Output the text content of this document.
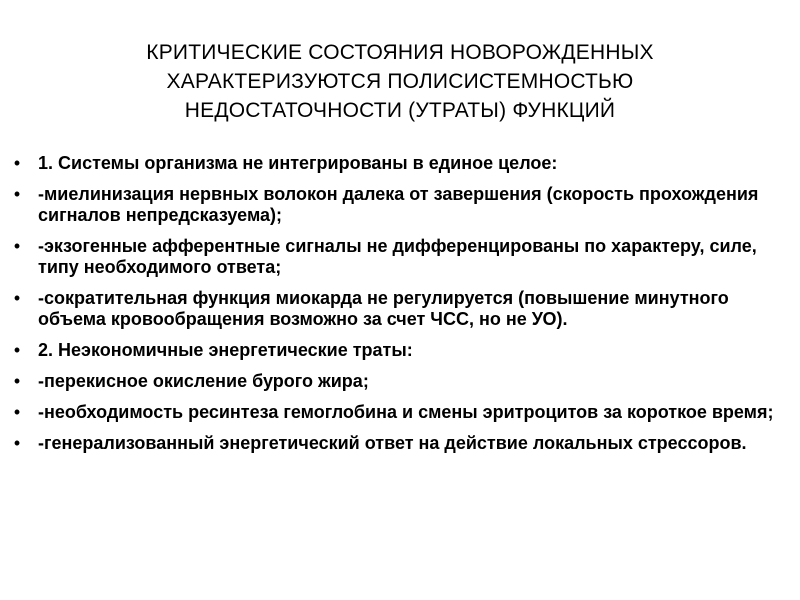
КРИТИЧЕСКИЕ СОСТОЯНИЯ НОВОРОЖДЕННЫХ
ХАРАКТЕРИЗУЮТСЯ ПОЛИСИСТЕМНОСТЬЮ
НЕДОСТАТОЧНОСТИ (УТРАТЫ) ФУНКЦИЙ
• 1. Системы организма не интегрированы в единое целое:
• -миелинизация нервных волокон далека от завершения (скорость прохождения сигналов непредсказуема);
• -экзогенные афферентные сигналы не дифференцированы по характеру, силе, типу необходимого ответа;
• -сократительная функция миокарда не регулируется (повышение минутного объема кровообращения возможно за счет ЧСС, но не УО).
• 2. Неэкономичные энергетические траты:
• -перекисное окисление бурого жира;
• -необходимость ресинтеза гемоглобина и смены эритроцитов за короткое время;
• -генерализованный энергетический ответ на действие локальных стрессоров.
